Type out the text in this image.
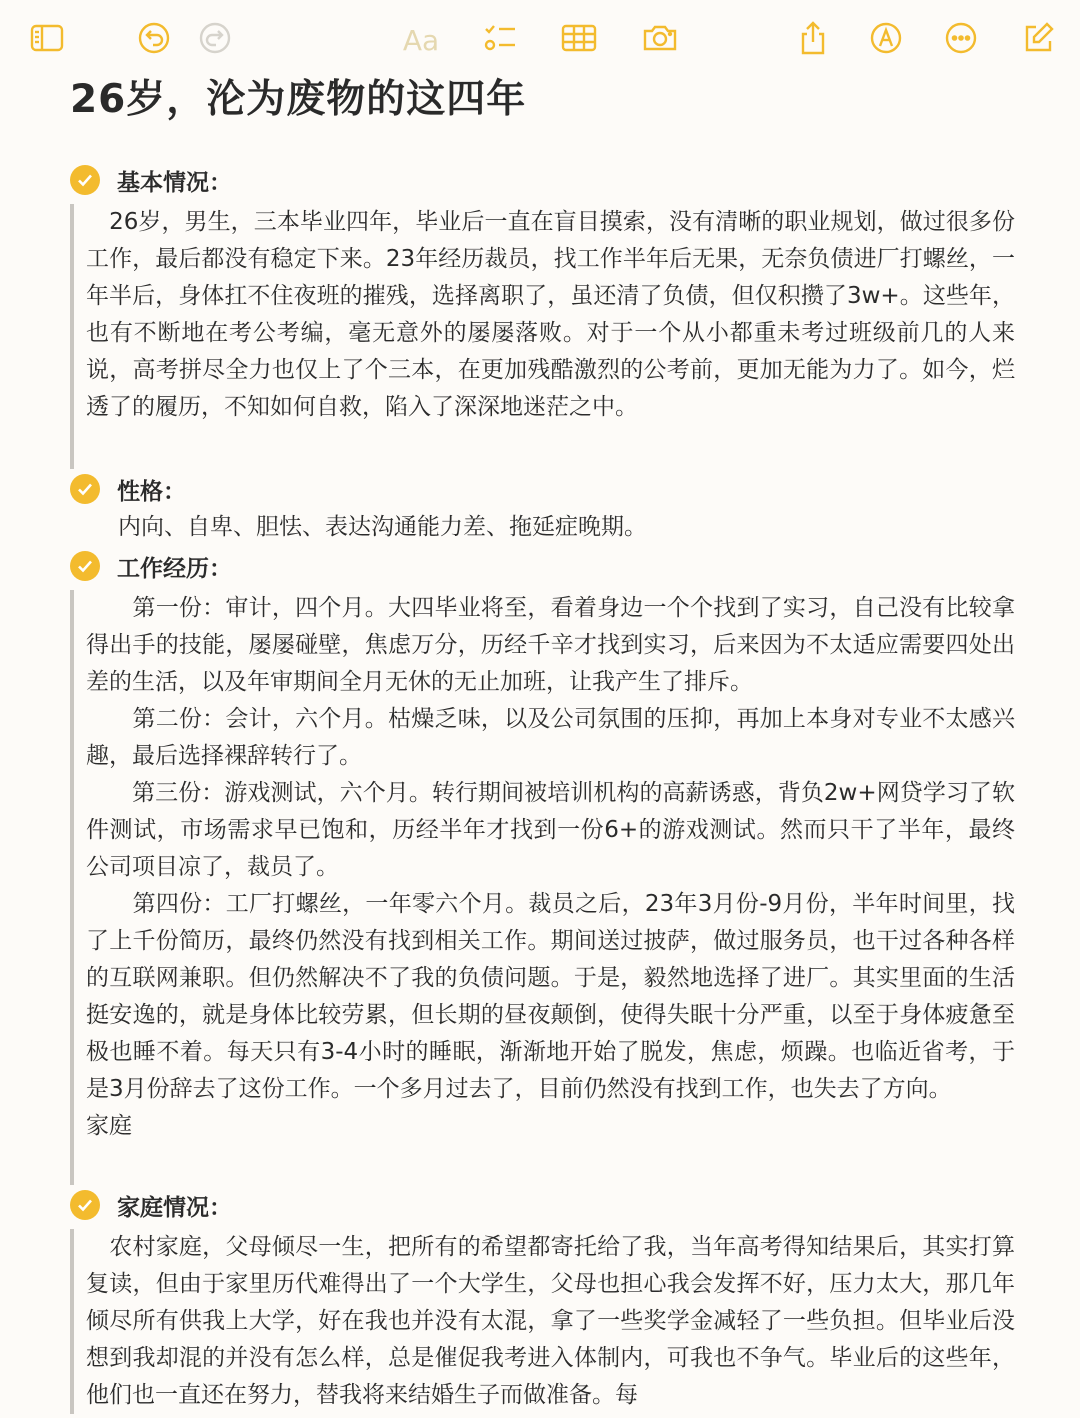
Aa
26岁，沦为废物的这四年
基本情况：

　26岁，男生，三本毕业四年，毕业后一直在盲目摸索，没有清晰的职业规划，做过很多份工作，最后都没有稳定下来。23年经历裁员，找工作半年后无果，无奈负债进厂打螺丝，一年半后，身体扛不住夜班的摧残，选择离职了，虽还清了负债，但仅积攒了3w+。这些年，也有不断地在考公考编，毫无意外的屡屡落败。对于一个从小都重未考过班级前几的人来说，高考拼尽全力也仅上了个三本，在更加残酷激烈的公考前，更加无能为力了。如今，烂透了的履历，不知如何自救，陷入了深深地迷茫之中。

性格：

内向、自卑、胆怯、表达沟通能力差、拖延症晚期。

工作经历：

　　第一份：审计，四个月。大四毕业将至，看着身边一个个找到了实习，自己没有比较拿得出手的技能，屡屡碰壁，焦虑万分，历经千辛才找到实习，后来因为不太适应需要四处出差的生活，以及年审期间全月无休的无止加班，让我产生了排斥。

　　第二份：会计，六个月。枯燥乏味，以及公司氛围的压抑，再加上本身对专业不太感兴趣，最后选择裸辞转行了。

　　第三份：游戏测试，六个月。转行期间被培训机构的高薪诱惑，背负2w+网贷学习了软件测试，市场需求早已饱和，历经半年才找到一份6+的游戏测试。然而只干了半年，最终公司项目凉了，裁员了。

　　第四份：工厂打螺丝，一年零六个月。裁员之后，23年3月份-9月份，半年时间里，找了上千份简历，最终仍然没有找到相关工作。期间送过披萨，做过服务员，也干过各种各样的互联网兼职。但仍然解决不了我的负债问题。于是，毅然地选择了进厂。其实里面的生活挺安逸的，就是身体比较劳累，但长期的昼夜颠倒，使得失眠十分严重，以至于身体疲惫至极也睡不着。每天只有3-4小时的睡眠，渐渐地开始了脱发，焦虑，烦躁。也临近省考，于是3月份辞去了这份工作。一个多月过去了，目前仍然没有找到工作，也失去了方向。

家庭

家庭情况：

　农村家庭，父母倾尽一生，把所有的希望都寄托给了我，当年高考得知结果后，其实打算复读，但由于家里历代难得出了一个大学生，父母也担心我会发挥不好，压力太大，那几年倾尽所有供我上大学，好在我也并没有太混，拿了一些奖学金减轻了一些负担。但毕业后没想到我却混的并没有怎么样，总是催促我考进入体制内，可我也不争气。毕业后的这些年，他们也一直还在努力，替我将来结婚生子而做准备。每
